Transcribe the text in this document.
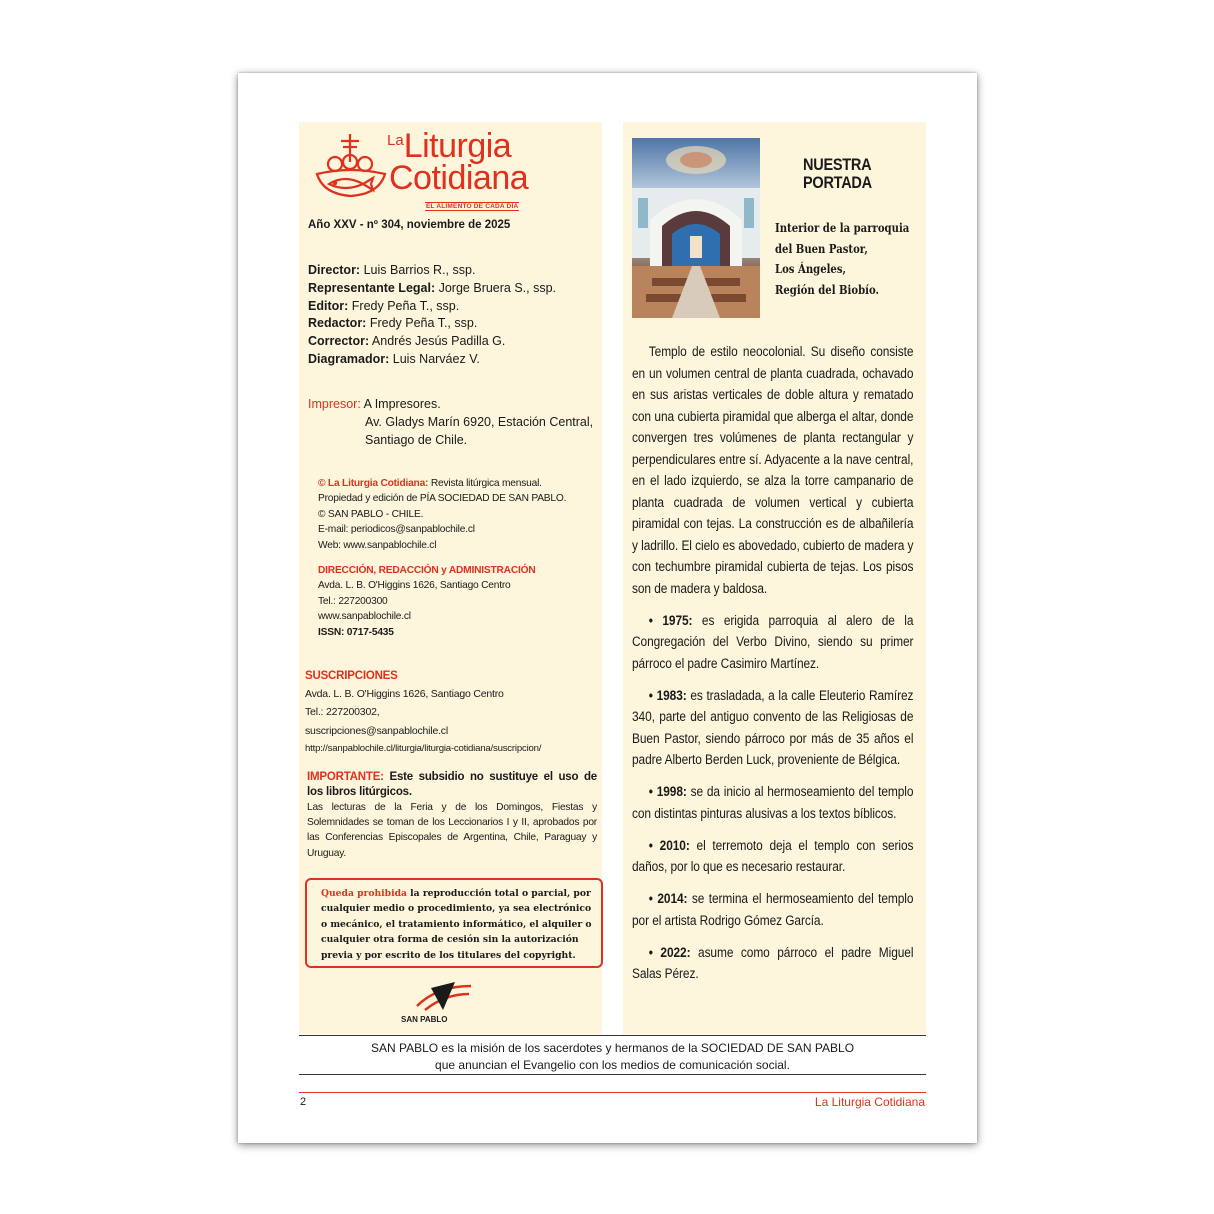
LaLiturgia
Cotidiana
EL ALIMENTO DE CADA DÍA
Año XXV - nº 304, noviembre de 2025
Director: Luis Barrios R., ssp.
Representante Legal: Jorge Bruera S., ssp.
Editor: Fredy Peña T., ssp.
Redactor: Fredy Peña T., ssp.
Corrector: Andrés Jesús Padilla G.
Diagramador: Luis Narváez V.
Impresor: A Impresores.
Av. Gladys Marín 6920, Estación Central,
Santiago de Chile.
© La Liturgia Cotidiana: Revista litúrgica mensual.
Propiedad y edición de PÍA SOCIEDAD DE SAN PABLO.
© SAN PABLO - CHILE.
E-mail: periodicos@sanpablochile.cl
Web: www.sanpablochile.cl
DIRECCIÓN, REDACCIÓN y ADMINISTRACIÓN
Avda. L. B. O'Higgins 1626, Santiago Centro
Tel.: 227200300
www.sanpablochile.cl
ISSN: 0717-5435
SUSCRIPCIONES
Avda. L. B. O'Higgins 1626, Santiago Centro
Tel.: 227200302,
suscripciones@sanpablochile.cl
http://sanpablochile.cl/liturgia/liturgia-cotidiana/suscripcion/
IMPORTANTE: Este subsidio no sustituye el uso de los libros litúrgicos.
Las lecturas de la Feria y de los Domingos, Fiestas y Solemnidades se toman de los Leccionarios I y II, aprobados por las Conferencias Episcopales de Argentina, Chile, Paraguay y Uruguay.
Queda prohibida la reproducción total o parcial, por cualquier medio o procedimiento, ya sea electrónico o mecánico, el tratamiento informático, el alquiler o cualquier otra forma de cesión sin la autorización previa y por escrito de los titulares del copyright.
SAN PABLO
NUESTRA
PORTADA
Interior de la parroquia
del Buen Pastor,
Los Ángeles,
Región del Biobío.

Templo de estilo neocolonial. Su diseño consiste en un volumen central de planta cuadrada, ochavado en sus aristas verticales de doble altura y rematado con una cubierta piramidal que alberga el altar, donde convergen tres volúmenes de planta rectangular y perpendiculares entre sí. Adyacente a la nave central, en el lado izquierdo, se alza la torre campanario de planta cuadrada de volumen vertical y cubierta piramidal con tejas. La construcción es de albañilería y ladrillo. El cielo es abovedado, cubierto de madera y con techumbre piramidal cubierta de tejas. Los pisos son de madera y baldosa.

• 1975: es erigida parroquia al alero de la Congregación del Verbo Divino, siendo su primer párroco el padre Casimiro Martínez.

• 1983: es trasladada, a la calle Eleuterio Ramírez 340, parte del antiguo convento de las Religiosas de Buen Pastor, siendo párroco por más de 35 años el padre Alberto Berden Luck, proveniente de Bélgica.

• 1998: se da inicio al hermoseamiento del templo con distintas pinturas alusivas a los textos bíblicos.

• 2010: el terremoto deja el templo con serios daños, por lo que es necesario restaurar.

• 2014: se termina el hermoseamiento del templo por el artista Rodrigo Gómez García.

• 2022: asume como párroco el padre Miguel Salas Pérez.

SAN PABLO es la misión de los sacerdotes y hermanos de la SOCIEDAD DE SAN PABLO
que anuncian el Evangelio con los medios de comunicación social.
2	La Liturgia Cotidiana
